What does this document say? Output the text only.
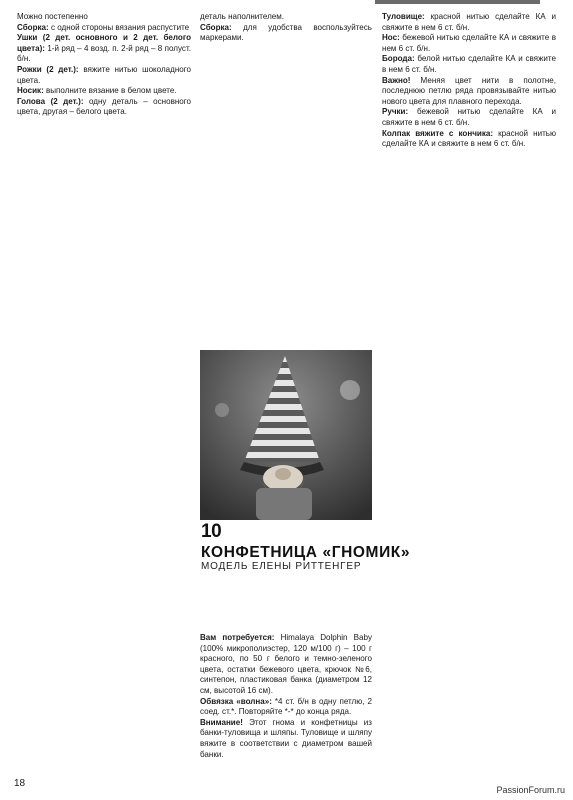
Можно постепенно

Сборка: с одной стороны вязания распустите

Ушки (2 дет. основного и 2 дет. белого цвета): 1-й ряд – 4 возд. п. 2-й ряд – 8 полуст. б/н.

Рожки (2 дет.): вяжите нитью шоколадного цвета.

Носик: выполните вязание в белом цвете.

Голова (2 дет.): одну деталь – основного цвета, другая – белого цвета.

деталь наполнителем.

Сборка: для удобства воспользуйтесь маркерами.

10
КОНФЕТНИЦА «ГНОМИК»
МОДЕЛЬ ЕЛЕНЫ РИТТЕНГЕР

Вам потребуется: Himalaya Dolphin Baby (100% микрополиэстер, 120 м/100 г) – 100 г красного, по 50 г белого и темно-зеленого цвета, остатки бежевого цвета, крючок №6, синтепон, пластиковая банка (диаметром 12 см, высотой 16 см).

Обвязка «волна»: *4 ст. б/н в одну петлю, 2 соед. ст.*. Повторяйте *-* до конца ряда.

Внимание! Этот гнома и конфетницы из банки-туловища и шляпы. Туловище и шляпу вяжите в соответствии с диаметром вашей банки.

Туловище: красной нитью сделайте КА и свяжите в нем 6 ст. б/н.

Нос: бежевой нитью сделайте КА и свяжите в нем 6 ст. б/н.

Борода: белой нитью сделайте КА и свяжите в нем 6 ст. б/н.

Важно! Меняя цвет нити в полотне, последнюю петлю ряда провязывайте нитью нового цвета для плавного перехода.

Ручки: бежевой нитью сделайте КА и свяжите в нем 6 ст. б/н.

Колпак вяжите с кончика: красной нитью сделайте КА и свяжите в нем 6 ст. б/н.

18
PassionForum.ru
